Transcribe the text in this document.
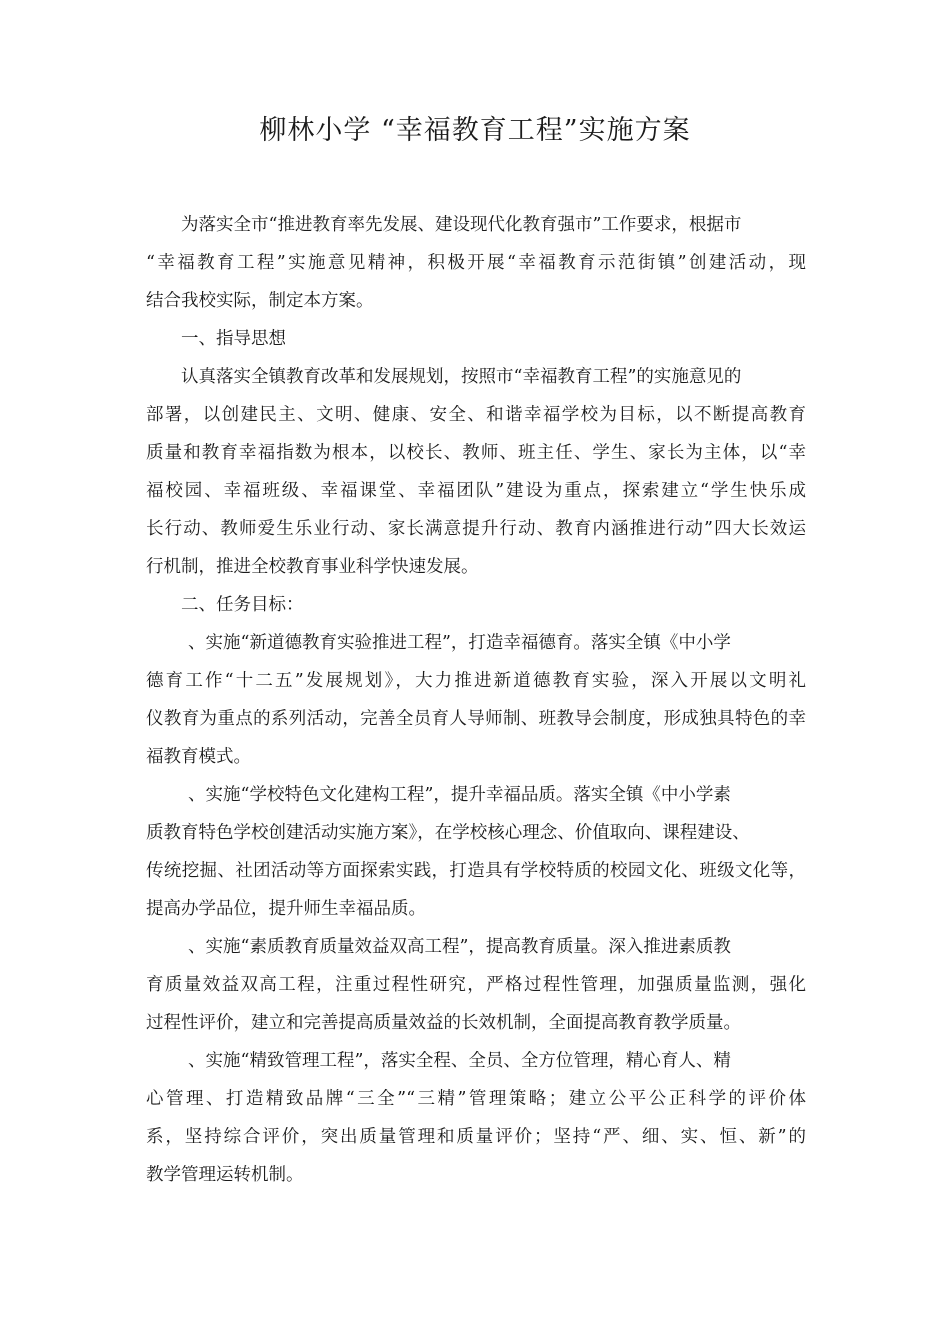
柳林小学 “幸福教育工程”实施方案
为落实全市“推进教育率先发展、建设现代化教育强市”工作要求，根据市
“幸福教育工程”实施意见精神，积极开展“幸福教育示范街镇”创建活动，现
结合我校实际，制定本方案。
一、指导思想
认真落实全镇教育改革和发展规划，按照市“幸福教育工程”的实施意见的
部署，以创建民主、文明、健康、安全、和谐幸福学校为目标，以不断提高教育
质量和教育幸福指数为根本，以校长、教师、班主任、学生、家长为主体，以“幸
福校园、幸福班级、幸福课堂、幸福团队”建设为重点，探索建立“学生快乐成
长行动、教师爱生乐业行动、家长满意提升行动、教育内涵推进行动”四大长效运
行机制，推进全校教育事业科学快速发展。
二、任务目标：
、实施“新道德教育实验推进工程”，打造幸福德育。落实全镇《中小学
德育工作“十二五”发展规划》，大力推进新道德教育实验，深入开展以文明礼
仪教育为重点的系列活动，完善全员育人导师制、班教导会制度，形成独具特色的幸
福教育模式。
、实施“学校特色文化建构工程”，提升幸福品质。落实全镇《中小学素
质教育特色学校创建活动实施方案》，在学校核心理念、价值取向、课程建设、
传统挖掘、社团活动等方面探索实践，打造具有学校特质的校园文化、班级文化等，
提高办学品位，提升师生幸福品质。
、实施“素质教育质量效益双高工程”，提高教育质量。深入推进素质教
育质量效益双高工程，注重过程性研究，严格过程性管理，加强质量监测，强化
过程性评价，建立和完善提高质量效益的长效机制，全面提高教育教学质量。
、实施“精致管理工程”，落实全程、全员、全方位管理，精心育人、精
心管理、打造精致品牌“三全”“三精”管理策略；建立公平公正科学的评价体
系，坚持综合评价，突出质量管理和质量评价；坚持“严、细、实、恒、新”的
教学管理运转机制。
